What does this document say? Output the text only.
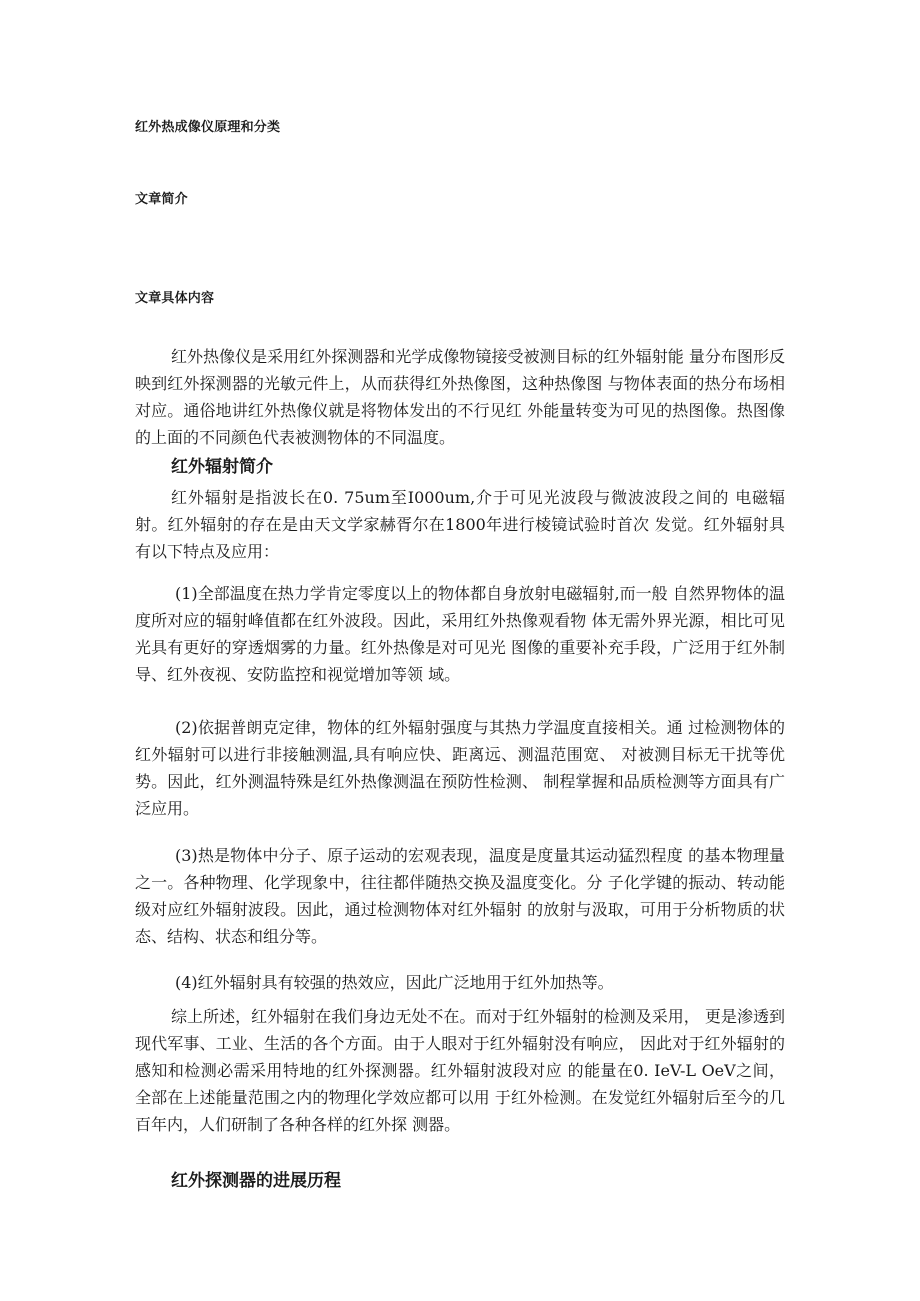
红外热成像仪原理和分类
文章简介
文章具体内容
红外热像仪是采用红外探测器和光学成像物镜接受被测目标的红外辐射能 量分布图形反映到红外探测器的光敏元件上，从而获得红外热像图，这种热像图 与物体表面的热分布场相对应。通俗地讲红外热像仪就是将物体发出的不行见红 外能量转变为可见的热图像。热图像的上面的不同颜色代表被测物体的不同温度。
红外辐射简介
红外辐射是指波长在0. 75um至I000um,介于可见光波段与微波波段之间的 电磁辐射。红外辐射的存在是由天文学家赫胥尔在1800年进行棱镜试验时首次 发觉。红外辐射具有以下特点及应用：
(1)全部温度在热力学肯定零度以上的物体都自身放射电磁辐射,而一般 自然界物体的温度所对应的辐射峰值都在红外波段。因此，采用红外热像观看物 体无需外界光源，相比可见光具有更好的穿透烟雾的力量。红外热像是对可见光 图像的重要补充手段，广泛用于红外制导、红外夜视、安防监控和视觉增加等领 域。
(2)依据普朗克定律，物体的红外辐射强度与其热力学温度直接相关。通 过检测物体的红外辐射可以进行非接触测温,具有响应快、距离远、测温范围宽、 对被测目标无干扰等优势。因此，红外测温特殊是红外热像测温在预防性检测、 制程掌握和品质检测等方面具有广泛应用。
(3)热是物体中分子、原子运动的宏观表现，温度是度量其运动猛烈程度 的基本物理量之一。各种物理、化学现象中，往往都伴随热交换及温度变化。分 子化学键的振动、转动能级对应红外辐射波段。因此，通过检测物体对红外辐射 的放射与汲取，可用于分析物质的状态、结构、状态和组分等。
(4)红外辐射具有较强的热效应，因此广泛地用于红外加热等。
综上所述，红外辐射在我们身边无处不在。而对于红外辐射的检测及采用， 更是渗透到现代军事、工业、生活的各个方面。由于人眼对于红外辐射没有响应， 因此对于红外辐射的感知和检测必需采用特地的红外探测器。红外辐射波段对应 的能量在0. IeV-L OeV之间，全部在上述能量范围之内的物理化学效应都可以用 于红外检测。在发觉红外辐射后至今的几百年内，人们研制了各种各样的红外探 测器。
红外探测器的进展历程
